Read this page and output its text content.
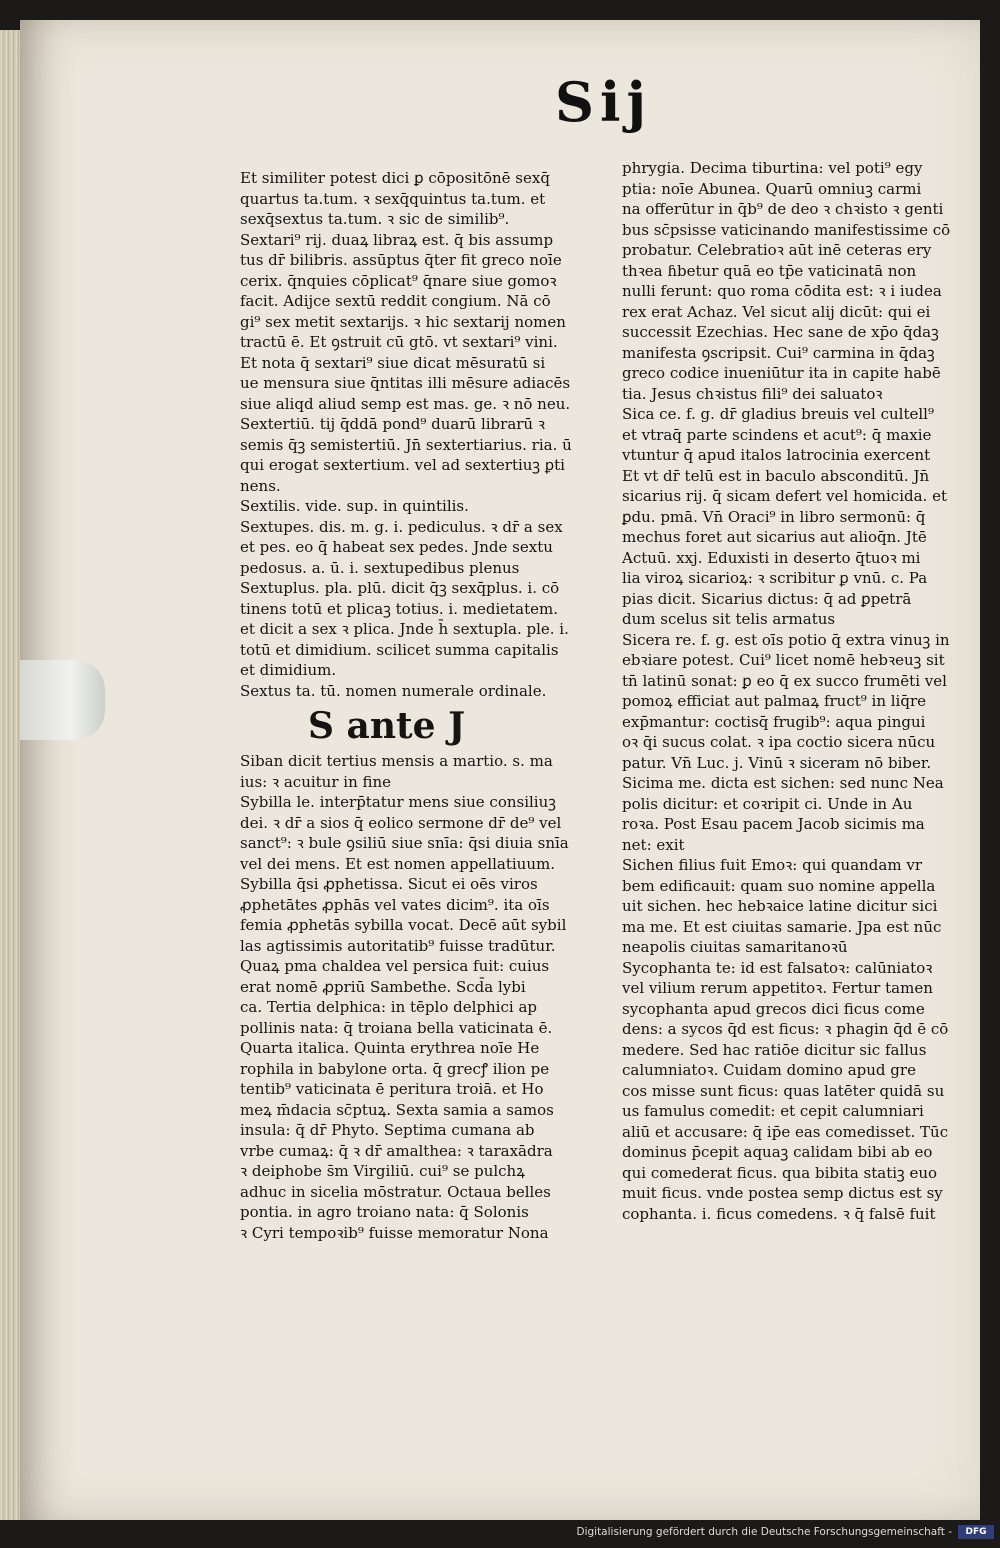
Sij
Et similiter potest dici ꝑ cōpositōnē sexq̄
quartus ta.tum. ꝛ sexq̄quintus ta.tum. et
sexq̄sextus ta.tum. ꝛ sic de similib⁹.
Sextari⁹ rij. duaꝝ libraꝝ est. q̄ bis assump
tus dr̄ bilibris. assūptus q̄ter fit greco noīe
cerix. q̄nquies cōplicat⁹ q̄nare siue gomoꝛ
facit. Adijce sextū reddit congium. Nā cō
gi⁹ sex metit sextarijs. ꝛ hic sextarij nomen
tractū ē. Et ꝯstruit cū gtō. vt sextari⁹ vini.
Et nota q̄ sextari⁹ siue dicat mēsuratū si
ue mensura siue q̄ntitas illi mēsure adiacēs
siue aliqd aliud semp est mas. ge. ꝛ nō neu.
Sextertiū. tij q̄ddā pond⁹ duarū librarū ꝛ
semis q̄ꝫ semistertiū. Jn̄ sextertiarius. ria. ū
qui erogat sextertium. vel ad sextertiuꝫ ꝑti
nens.
Sextilis. vide. sup. in quintilis.
Sextupes. dis. m. g. i. pediculus. ꝛ dr̄ a sex
et pes. eo q̄ habeat sex pedes. Jnde sextu
pedosus. a. ū. i. sextupedibus plenus
Sextuplus. pla. plū. dicit q̄ꝫ sexq̄plus. i. cō
tinens totū et plicaꝫ totius. i. medietatem.
et dicit a sex ꝛ plica. Jnde h̄ sextupla. ple. i.
totū et dimidium. scilicet summa capitalis
et dimidium.
Sextus ta. tū. nomen numerale ordinale.
S ante J
Siban dicit tertius mensis a martio. s. ma
ius: ꝛ acuitur in fine
Sybilla le. interp̄tatur mens siue consiliuꝫ
dei. ꝛ dr̄ a sios q̄ eolico sermone dr̄ de⁹ vel
sanct⁹: ꝛ bule ꝯsiliū siue snīa: q̄si diuia snīa
vel dei mens. Et est nomen appellatiuum.
Sybilla q̄si ꝓphetissa. Sicut ei oēs viros
ꝓphetātes ꝓphās vel vates dicim⁹. ita oīs
femia ꝓphetās sybilla vocat. Decē aūt sybil
las agtissimis autoritatib⁹ fuisse tradūtur.
Quaꝝ pma chaldea vel persica fuit: cuius
erat nomē ꝓpriū Sambethe. Scd̄a lybi
ca. Tertia delphica: in tēplo delphici ap
pollinis nata: q̄ troiana bella vaticinata ē.
Quarta italica. Quinta erythrea noīe He
rophila in babylone orta. q̄ grecꝭ ilion pe
tentib⁹ vaticinata ē peritura troiā. et Ho
meꝝ m̄dacia sc̄ptuꝝ. Sexta samia a samos
insula: q̄ dr̄ Phyto. Septima cumana ab
vrbe cumaꝝ: q̄ ꝛ dr̄ amalthea: ꝛ taraxādra
ꝛ deiphobe s̄m Virgiliū. cui⁹ se pulchꝝ
adhuc in sicelia mōstratur. Octaua belles
pontia. in agro troiano nata: q̄ Solonis
ꝛ Cyri tempoꝛib⁹ fuisse memoratur Nona
phrygia. Decima tiburtina: vel poti⁹ egy
ptia: noīe Abunea. Quarū omniuꝫ carmi
na offerūtur in q̄b⁹ de deo ꝛ chꝛisto ꝛ genti
bus sc̄psisse vaticinando manifestissime cō
probatur. Celebratioꝛ aūt inē ceteras ery
thꝛea ɦbetur quā eo tp̄e vaticinatā non
nulli ferunt: quo roma cōdita est: ꝛ i iudea
rex erat Achaz. Vel sicut alij dicūt: qui ei
successit Ezechias. Hec sane de xp̄o q̄daꝫ
manifesta ꝯscripsit. Cui⁹ carmina in q̄daꝫ
greco codice inueniūtur ita in capite habē
tia. Jesus chꝛistus fili⁹ dei saluatoꝛ
Sica ce. f. g. dr̄ gladius breuis vel cultell⁹
et vtraq̄ parte scindens et acut⁹: q̄ maxie
vtuntur q̄ apud italos latrocinia exercent
Et vt dr̄ telū est in baculo absconditū. Jn̄
sicarius rij. q̄ sicam defert vel homicida. et
ꝑdu. pmā. Vn̄ Oraci⁹ in libro sermonū: q̄
mechus foret aut sicarius aut alioq̄n. Jtē
Actuū. xxj. Eduxisti in deserto q̄tuoꝛ mi
lia viroꝝ sicarioꝝ: ꝛ scribitur ꝑ vnū. c. Pa
pias dicit. Sicarius dictus: q̄ ad ꝑpetrā
dum scelus sit telis armatus
Sicera re. f. g. est oīs potio q̄ extra vinuꝫ in
ebꝛiare potest. Cui⁹ licet nomē hebꝛeuꝫ sit
tn̄ latinū sonat: ꝑ eo q̄ ex succo frumēti vel
pomoꝝ efficiat aut palmaꝝ fruct⁹ in liq̄re
exp̄mantur: coctisq̄ frugib⁹: aqua pingui
oꝛ q̄i sucus colat. ꝛ ipa coctio sicera nūcu
patur. Vn̄ Luc. j. Vinū ꝛ siceram nō biber.
Sicima me. dicta est sichen: sed nunc Nea
polis dicitur: et coꝛripit ci. Unde in Au
roꝛa. Post Esau pacem Jacob sicimis ma
net: exit
Sichen filius fuit Emoꝛ: qui quandam vr
bem edificauit: quam suo nomine appella
uit sichen. hec hebꝛaice latine dicitur sici
ma me. Et est ciuitas samarie. Jpa est nūc
neapolis ciuitas samaritanoꝛū
Sycophanta te: id est falsatoꝛ: calūniatoꝛ
vel vilium rerum appetitoꝛ. Fertur tamen
sycophanta apud grecos dici ficus come
dens: a sycos q̄d est ficus: ꝛ phagin q̄d ē cō
medere. Sed hac ratiōe dicitur sic fallus
calumniatoꝛ. Cuidam domino apud gre
cos misse sunt ficus: quas latēter quidā su
us famulus comedit: et cepit calumniari
aliū et accusare: q̄ ip̄e eas comedisset. Tūc
dominus p̄cepit aquaꝫ calidam bibi ab eo
qui comederat ficus. qua bibita statiꝫ euo
muit ficus. vnde postea semp dictus est sy
cophanta. i. ficus comedens. ꝛ q̄ falsē fuit
Digitalisierung gefördert durch die Deutsche Forschungsgemeinschaft -	DFG
